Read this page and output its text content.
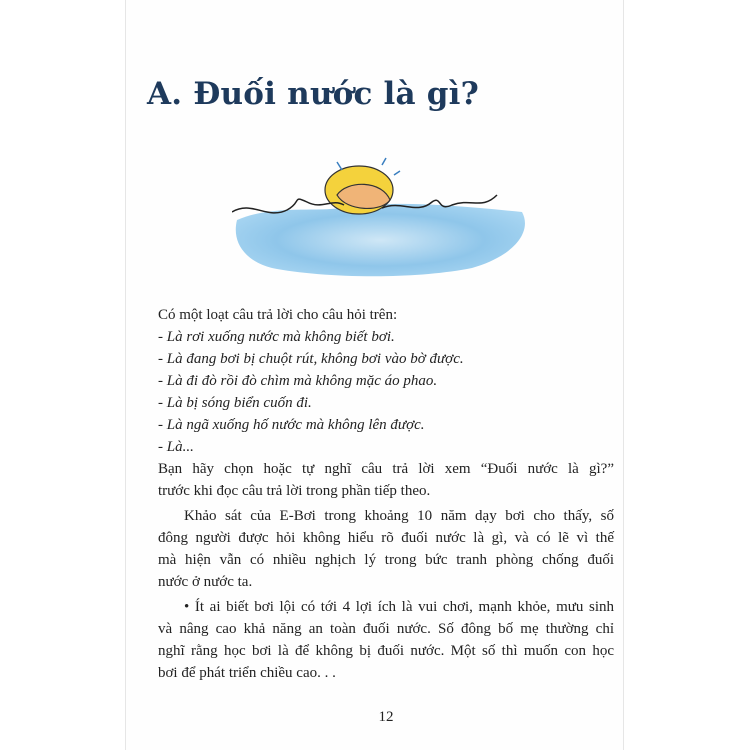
A. Đuối nước là gì?
Có một loạt câu trả lời cho câu hỏi trên:
- Là rơi xuống nước mà không biết bơi.
- Là đang bơi bị chuột rút, không bơi vào bờ được.
- Là đi đò rồi đò chìm mà không mặc áo phao.
- Là bị sóng biển cuốn đi.
- Là ngã xuống hố nước mà không lên được.
- Là...
Bạn hãy chọn hoặc tự nghĩ câu trả lời xem “Đuối nước là gì?”
trước khi đọc câu trả lời trong phần tiếp theo.
Khảo sát của E-Bơi trong khoảng 10 năm dạy bơi cho thấy, số
đông người được hỏi không hiểu rõ đuối nước là gì, và có lẽ vì thế
mà hiện vẫn có nhiều nghịch lý trong bức tranh phòng chống đuối
nước ở nước ta.
• Ít ai biết bơi lội có tới 4 lợi ích là vui chơi, mạnh khỏe, mưu sinh
và nâng cao khả năng an toàn đuối nước. Số đông bố mẹ thường chỉ
nghĩ rằng học bơi là để không bị đuối nước. Một số thì muốn con học
bơi để phát triển chiều cao. . .
12
